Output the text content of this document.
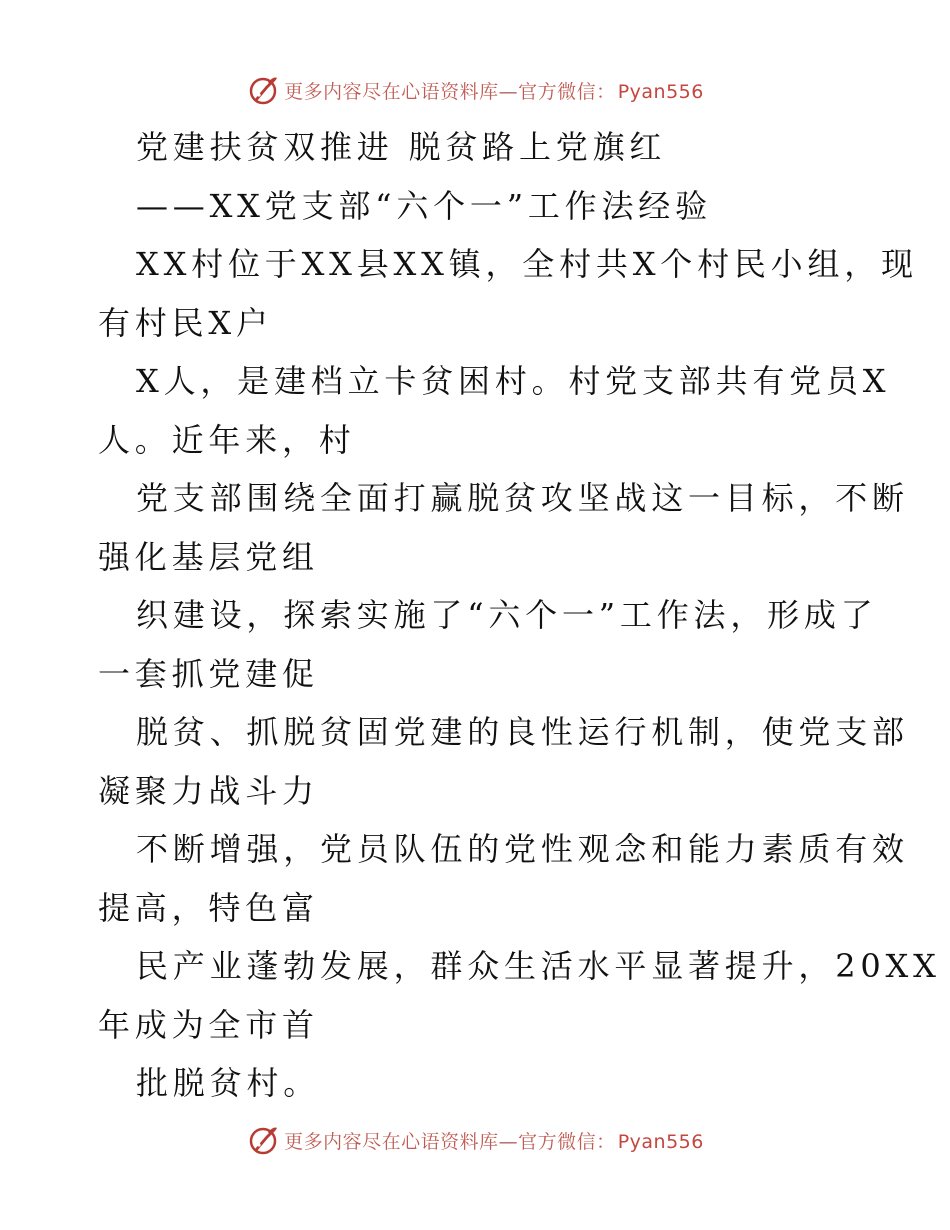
更多内容尽在心语资料库—官方微信： Pyan556
党建扶贫双推进 脱贫路上党旗红
——XX党支部“六个一”工作法经验
XX村位于XX县XX镇，全村共X个村民小组，现
有村民X户
X人，是建档立卡贫困村。村党支部共有党员X
人。近年来，村
党支部围绕全面打赢脱贫攻坚战这一目标，不断
强化基层党组
织建设，探索实施了“六个一”工作法，形成了
一套抓党建促
脱贫、抓脱贫固党建的良性运行机制，使党支部
凝聚力战斗力
不断增强，党员队伍的党性观念和能力素质有效
提高，特色富
民产业蓬勃发展，群众生活水平显著提升，20XX
年成为全市首
批脱贫村。
更多内容尽在心语资料库—官方微信： Pyan556
